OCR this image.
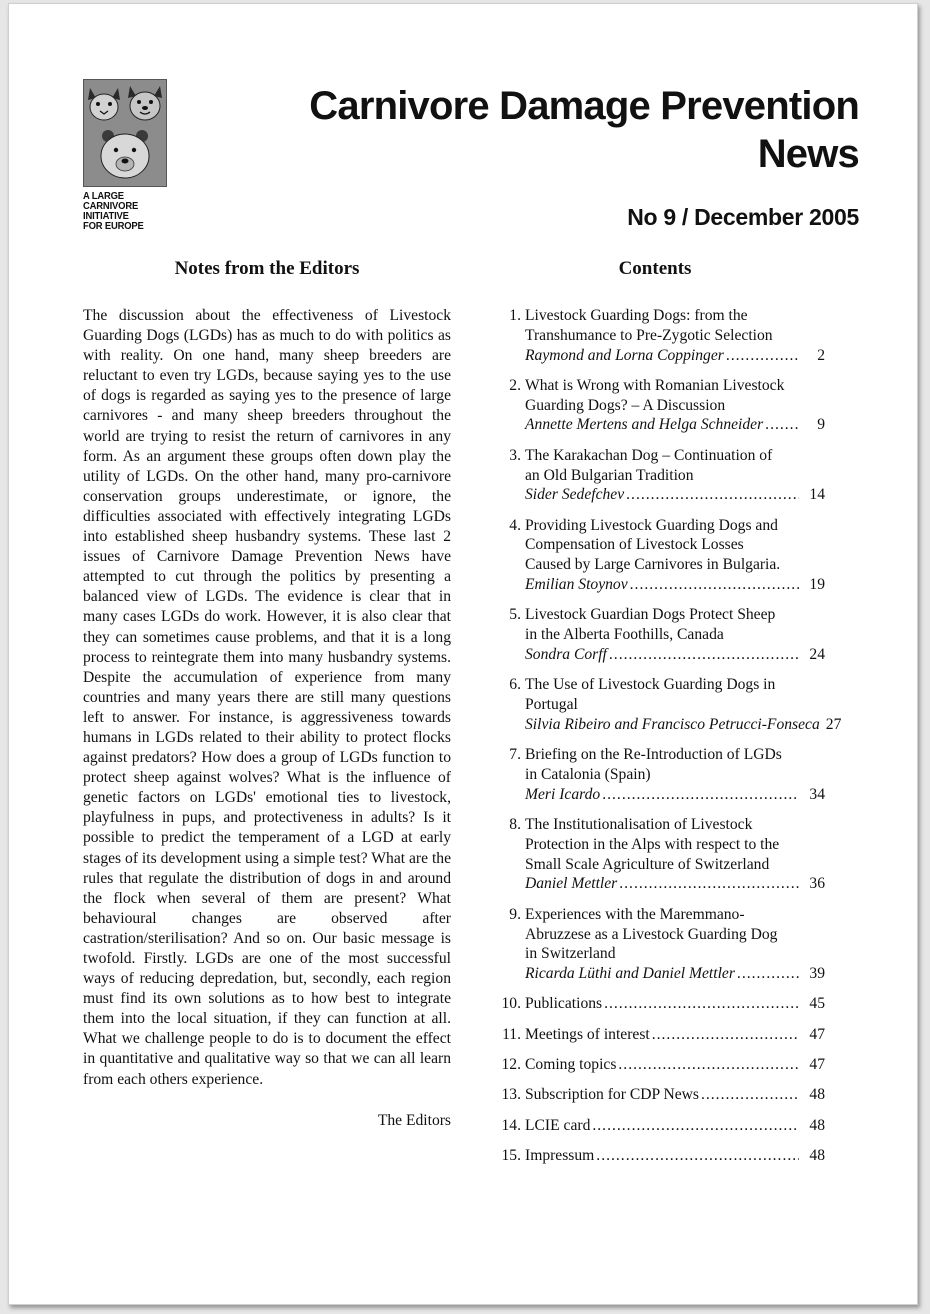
A LARGE
CARNIVORE
INITIATIVE
FOR EUROPE
Carnivore Damage Prevention News
No 9 / December 2005
Notes from the Editors

The discussion about the effectiveness of Livestock Guarding Dogs (LGDs) has as much to do with politics as with reality. On one hand, many sheep breeders are reluctant to even try LGDs, because saying yes to the use of dogs is regarded as saying yes to the presence of large carnivores - and many sheep breeders throughout the world are trying to resist the return of carnivores in any form. As an argument these groups often down play the utility of LGDs. On the other hand, many pro-carnivore conservation groups underestimate, or ignore, the difficulties associated with effectively integrating LGDs into established sheep husbandry systems. These last 2 issues of Carnivore Damage Prevention News have attempted to cut through the politics by presenting a balanced view of LGDs. The evidence is clear that in many cases LGDs do work. However, it is also clear that they can sometimes cause problems, and that it is a long process to reintegrate them into many husbandry systems. Despite the accumulation of experience from many countries and many years there are still many questions left to answer. For instance, is aggressiveness towards humans in LGDs related to their ability to protect flocks against predators? How does a group of LGDs function to protect sheep against wolves? What is the influence of genetic factors on LGDs' emotional ties to livestock, playfulness in pups, and protectiveness in adults? Is it possible to predict the temperament of a LGD at early stages of its development using a simple test? What are the rules that regulate the distribution of dogs in and around the flock when several of them are present? What behavioural changes are observed after castration/sterilisation? And so on. Our basic message is twofold. Firstly. LGDs are one of the most successful ways of reducing depredation, but, secondly, each region must find its own solutions as to how best to integrate them into the local situation, if they can function at all. What we challenge people to do is to document the effect in quantitative and qualitative way so that we can all learn from each others experience.

The Editors
Contents
1. Livestock Guarding Dogs: from the Transhumance to Pre-Zygotic Selection
Raymond and Lorna Coppinger .....	2
2. What is Wrong with Romanian Livestock Guarding Dogs? – A Discussion
Annette Mertens and Helga Schneider .....	9
3. The Karakachan Dog – Continuation of an Old Bulgarian Tradition
Sider Sedefchev .....	14
4. Providing Livestock Guarding Dogs and Compensation of Livestock Losses Caused by Large Carnivores in Bulgaria.
Emilian Stoynov .....	19
5. Livestock Guardian Dogs Protect Sheep in the Alberta Foothills, Canada
Sondra Corff .....	24
6. The Use of Livestock Guarding Dogs in Portugal
Silvia Ribeiro and Francisco Petrucci-Fonseca 27
7. Briefing on the Re-Introduction of LGDs in Catalonia (Spain)
Meri Icardo .....	34
8. The Institutionalisation of Livestock Protection in the Alps with respect to the Small Scale Agriculture of Switzerland
Daniel Mettler .....	36
9. Experiences with the Maremmano-Abruzzese as a Livestock Guarding Dog in Switzerland
Ricarda Lüthi and Daniel Mettler .....	39
10. Publications .....	45
11. Meetings of interest .....	47
12. Coming topics .....	47
13. Subscription for CDP News .....	48
14. LCIE card .....	48
15. Impressum .....	48
